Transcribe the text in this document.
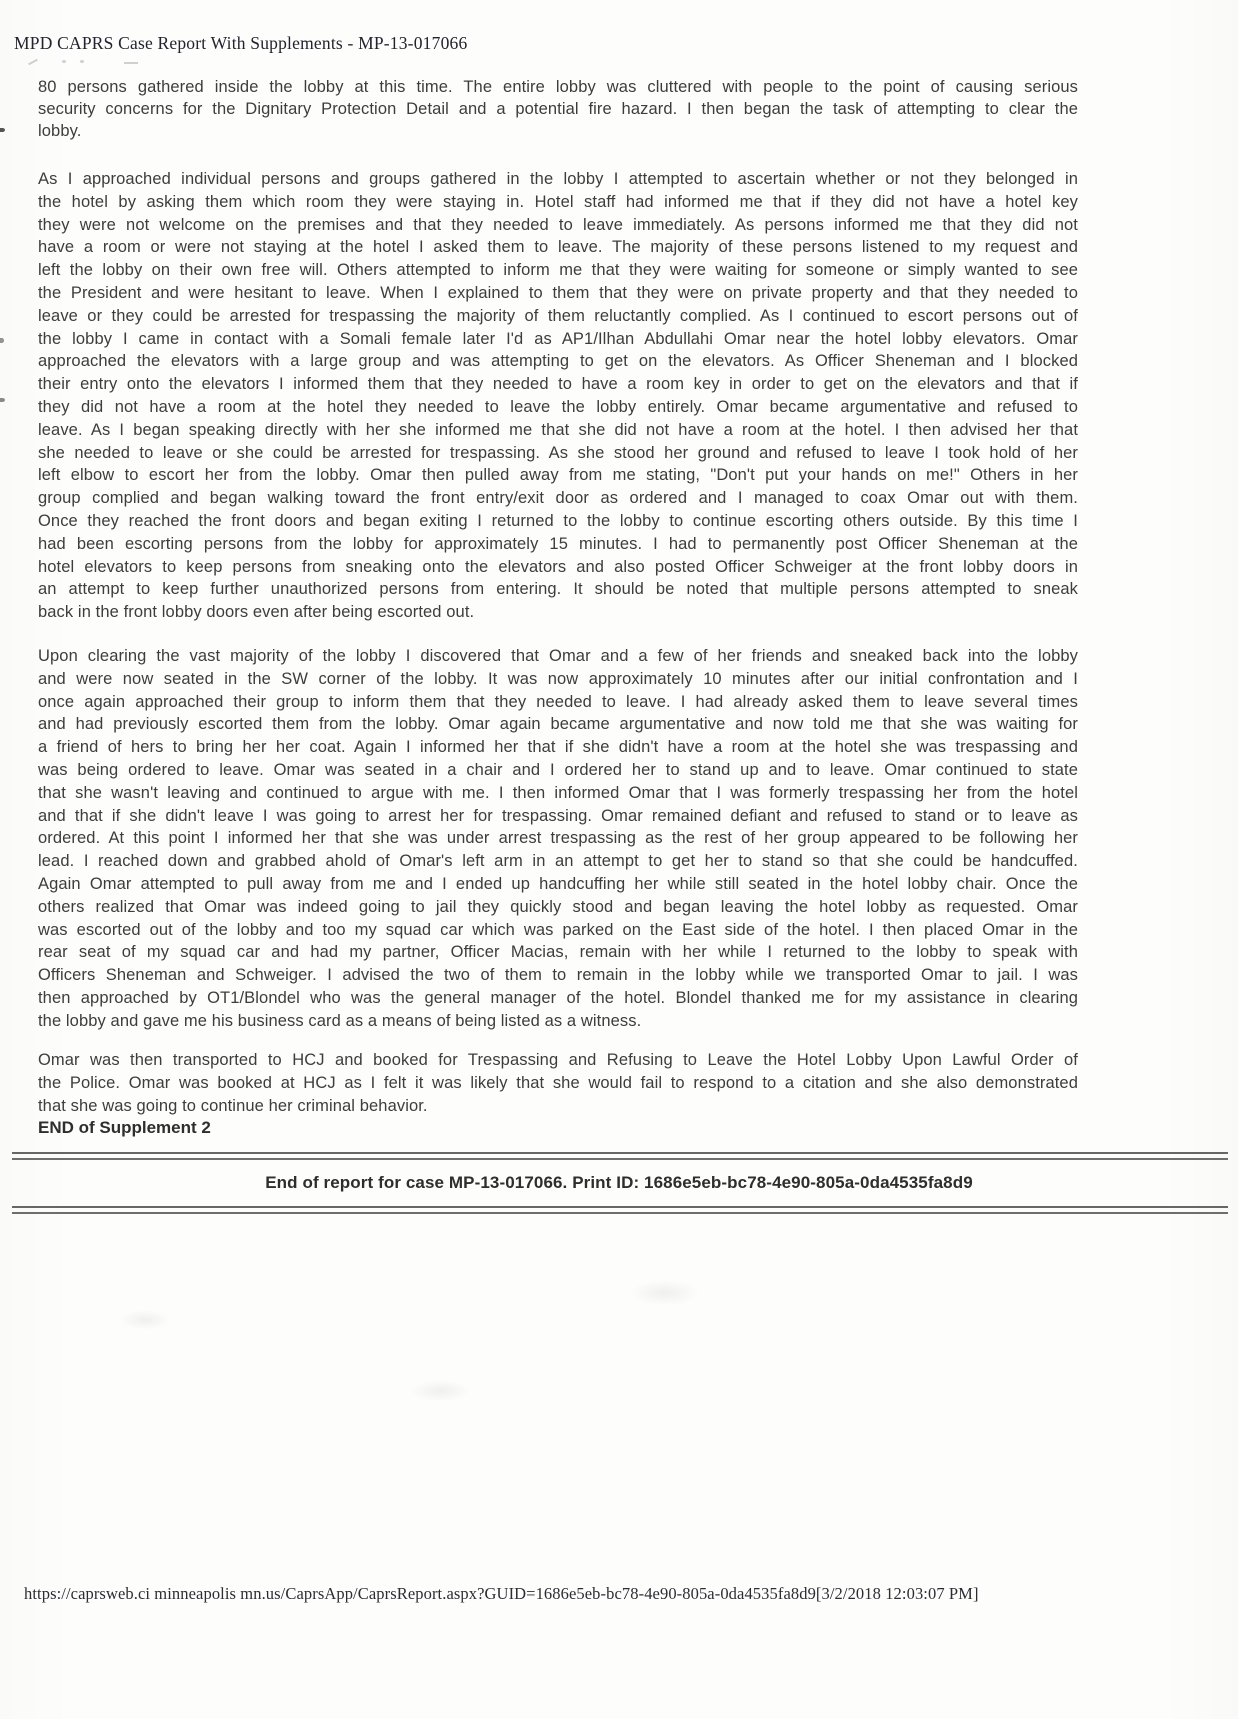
MPD CAPRS Case Report With Supplements - MP-13-017066
80 persons gathered inside the lobby at this time. The entire lobby was cluttered with people to the point of causing serious
security concerns for the Dignitary Protection Detail and a potential fire hazard. I then began the task of attempting to clear the
lobby.
As I approached individual persons and groups gathered in the lobby I attempted to ascertain whether or not they belonged in
the hotel by asking them which room they were staying in. Hotel staff had informed me that if they did not have a hotel key
they were not welcome on the premises and that they needed to leave immediately. As persons informed me that they did not
have a room or were not staying at the hotel I asked them to leave. The majority of these persons listened to my request and
left the lobby on their own free will. Others attempted to inform me that they were waiting for someone or simply wanted to see
the President and were hesitant to leave. When I explained to them that they were on private property and that they needed to
leave or they could be arrested for trespassing the majority of them reluctantly complied. As I continued to escort persons out of
the lobby I came in contact with a Somali female later I'd as AP1/Ilhan Abdullahi Omar near the hotel lobby elevators. Omar
approached the elevators with a large group and was attempting to get on the elevators. As Officer Sheneman and I blocked
their entry onto the elevators I informed them that they needed to have a room key in order to get on the elevators and that if
they did not have a room at the hotel they needed to leave the lobby entirely. Omar became argumentative and refused to
leave. As I began speaking directly with her she informed me that she did not have a room at the hotel. I then advised her that
she needed to leave or she could be arrested for trespassing. As she stood her ground and refused to leave I took hold of her
left elbow to escort her from the lobby. Omar then pulled away from me stating, "Don't put your hands on me!" Others in her
group complied and began walking toward the front entry/exit door as ordered and I managed to coax Omar out with them.
Once they reached the front doors and began exiting I returned to the lobby to continue escorting others outside. By this time I
had been escorting persons from the lobby for approximately 15 minutes. I had to permanently post Officer Sheneman at the
hotel elevators to keep persons from sneaking onto the elevators and also posted Officer Schweiger at the front lobby doors in
an attempt to keep further unauthorized persons from entering. It should be noted that multiple persons attempted to sneak
back in the front lobby doors even after being escorted out.
Upon clearing the vast majority of the lobby I discovered that Omar and a few of her friends and sneaked back into the lobby
and were now seated in the SW corner of the lobby. It was now approximately 10 minutes after our initial confrontation and I
once again approached their group to inform them that they needed to leave. I had already asked them to leave several times
and had previously escorted them from the lobby. Omar again became argumentative and now told me that she was waiting for
a friend of hers to bring her her coat. Again I informed her that if she didn't have a room at the hotel she was trespassing and
was being ordered to leave. Omar was seated in a chair and I ordered her to stand up and to leave. Omar continued to state
that she wasn't leaving and continued to argue with me. I then informed Omar that I was formerly trespassing her from the hotel
and that if she didn't leave I was going to arrest her for trespassing. Omar remained defiant and refused to stand or to leave as
ordered. At this point I informed her that she was under arrest trespassing as the rest of her group appeared to be following her
lead. I reached down and grabbed ahold of Omar's left arm in an attempt to get her to stand so that she could be handcuffed.
Again Omar attempted to pull away from me and I ended up handcuffing her while still seated in the hotel lobby chair. Once the
others realized that Omar was indeed going to jail they quickly stood and began leaving the hotel lobby as requested. Omar
was escorted out of the lobby and too my squad car which was parked on the East side of the hotel. I then placed Omar in the
rear seat of my squad car and had my partner, Officer Macias, remain with her while I returned to the lobby to speak with
Officers Sheneman and Schweiger. I advised the two of them to remain in the lobby while we transported Omar to jail. I was
then approached by OT1/Blondel who was the general manager of the hotel. Blondel thanked me for my assistance in clearing
the lobby and gave me his business card as a means of being listed as a witness.
Omar was then transported to HCJ and booked for Trespassing and Refusing to Leave the Hotel Lobby Upon Lawful Order of
the Police. Omar was booked at HCJ as I felt it was likely that she would fail to respond to a citation and she also demonstrated
that she was going to continue her criminal behavior.
END of Supplement 2
End of report for case MP-13-017066. Print ID: 1686e5eb-bc78-4e90-805a-0da4535fa8d9
https://caprsweb.ci minneapolis mn.us/CaprsApp/CaprsReport.aspx?GUID=1686e5eb-bc78-4e90-805a-0da4535fa8d9[3/2/2018 12:03:07 PM]
